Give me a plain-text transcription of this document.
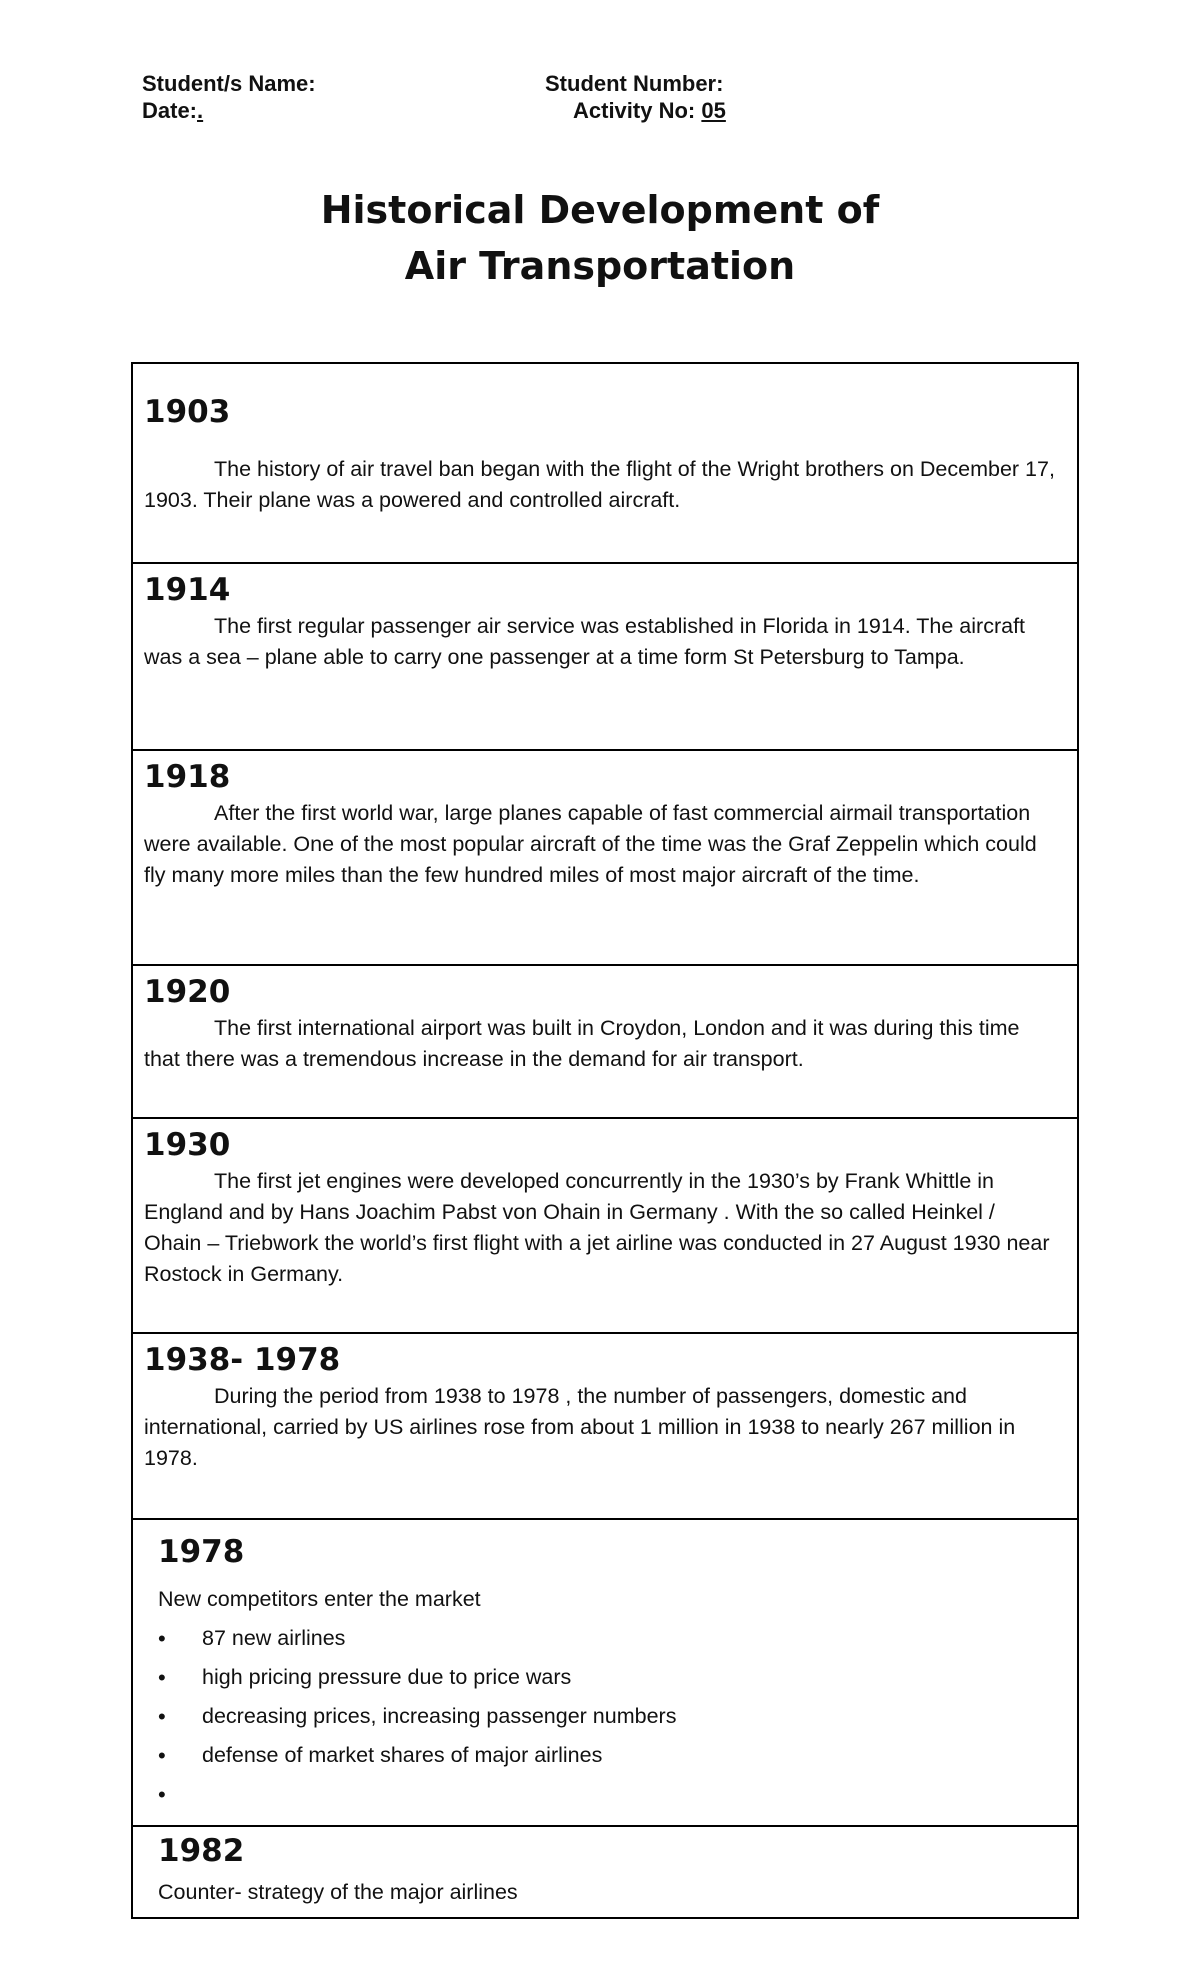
Student/s Name:
Date:.
Student Number:
Activity No: 05
Historical Development of
Air Transportation
1903

The history of air travel ban began with the flight of the Wright brothers on December 17, 1903. Their plane was a powered and controlled aircraft.

1914

The first regular passenger air service was established in Florida in 1914. The aircraft was a sea – plane able to carry one passenger at a time form St Petersburg to Tampa.

1918

After the first world war, large planes capable of fast commercial airmail transportation were available. One of the most popular aircraft of the time was the Graf Zeppelin which could fly many more miles than the few hundred miles of most major aircraft of the time.

1920

The first international airport was built in Croydon, London and it was during this time that there was a tremendous increase in the demand for air transport.

1930

The first jet engines were developed concurrently in the 1930’s by Frank Whittle in England and by Hans Joachim Pabst von Ohain in Germany . With the so called Heinkel / Ohain – Triebwork the world’s first flight with a jet airline was conducted in 27 August 1930 near Rostock in Germany.

1938- 1978

During the period from 1938 to 1978 , the number of passengers, domestic and international, carried by US airlines rose from about 1 million in 1938 to nearly 267 million in 1978.

1978

New competitors enter the market

• 87 new airlines
• high pricing pressure due to price wars
• decreasing prices, increasing passenger numbers
• defense of market shares of major airlines
•
1982

Counter- strategy of the major airlines
